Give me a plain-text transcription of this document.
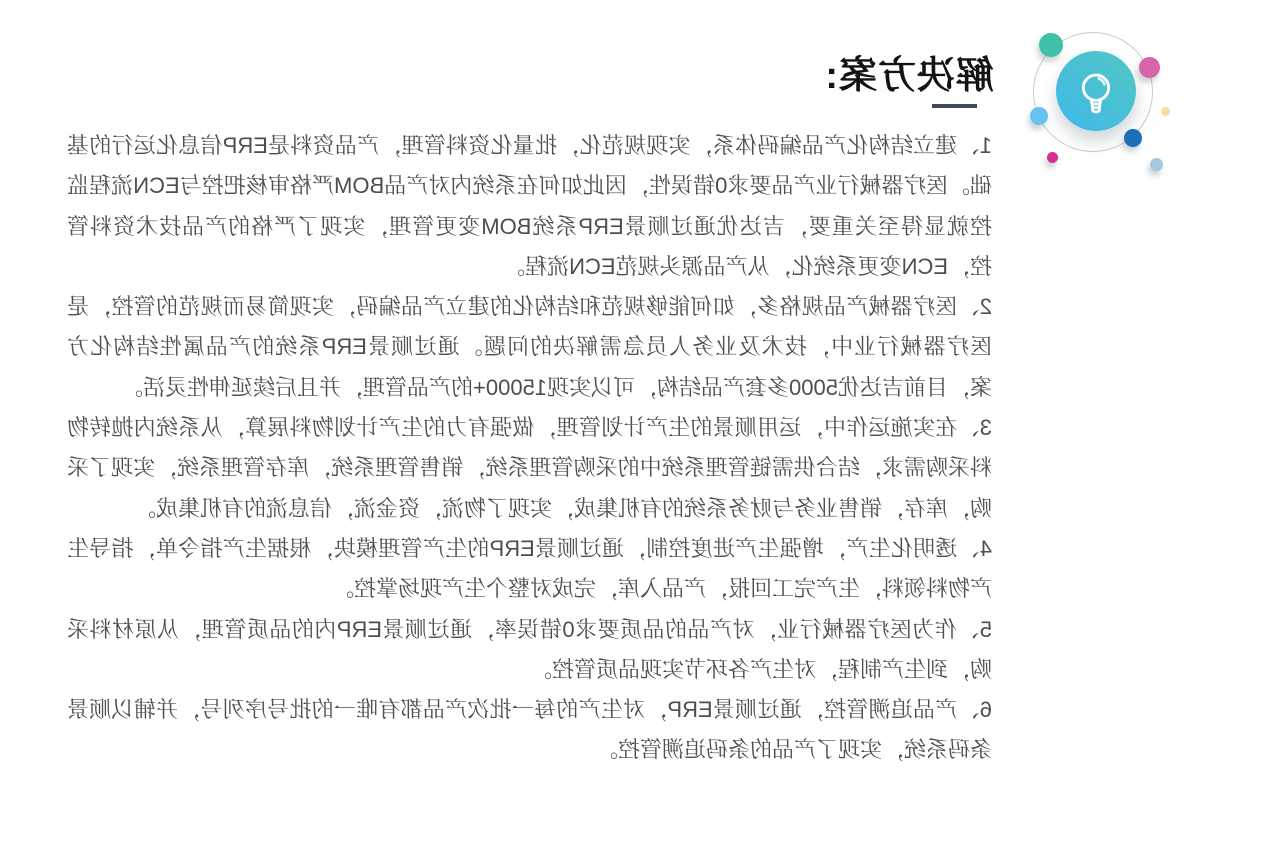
解决方案:

1、建立结构化产品编码体系，实现规范化，批量化资料管理，产品资料是ERP信息化运行的基础。医疗器械行业产品要求0错误性，因此如何在系统内对产品BOM严格审核把控与ECN流程监控就显得至关重要，吉达优通过顺景ERP系统BOM变更管理，实现了严格的产品技术资料管控，ECN变更系统化，从产品源头规范ECN流程。

2、医疗器械产品规格多，如何能够规范和结构化的建立产品编码，实现简易而规范的管控，是医疗器械行业中，技术及业务人员急需解决的问题。通过顺景ERP系统的产品属性结构化方案，目前吉达优5000多套产品结构，可以实现15000+的产品管理，并且后续延伸性灵活。

3、在实施运作中，运用顺景的生产计划管理，做强有力的生产计划物料展算，从系统内抛转物料采购需求，结合供需链管理系统中的采购管理系统，销售管理系统，库存管理系统，实现了采购，库存，销售业务与财务系统的有机集成，实现了物流，资金流，信息流的有机集成。

4、透明化生产，增强生产进度控制，通过顺景ERP的生产管理模块，根据生产指令单，指导生产物料领料，生产完工回报，产品入库，完成对整个生产现场掌控。

5、作为医疗器械行业，对产品的品质要求0错误率，通过顺景ERP内的品质管理，从原材料采购，到生产制程，对生产各环节实现品质管控。

6、产品追溯管控，通过顺景ERP，对生产的每一批次产品都有唯一的批号序列号，并辅以顺景条码系统，实现了产品的条码追溯管控。
